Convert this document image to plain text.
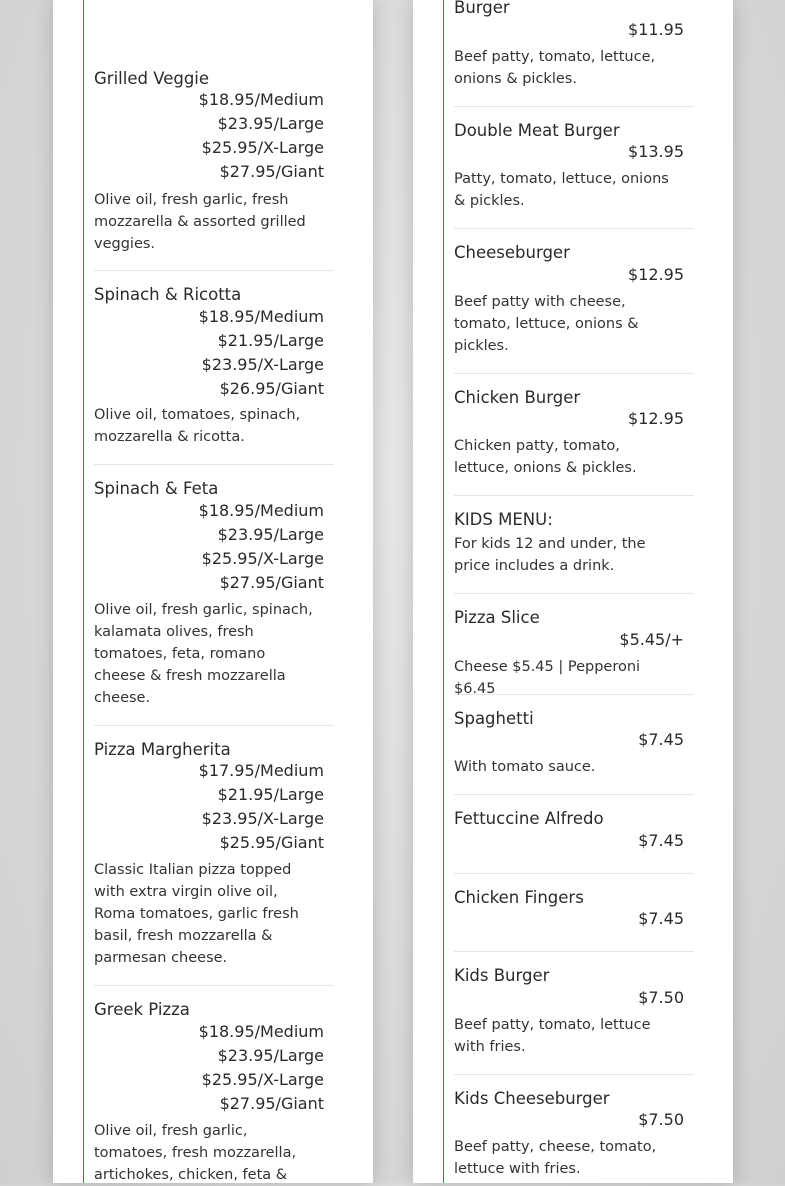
Grilled Veggie
$18.95/Medium
$23.95/Large
$25.95/X-Large
$27.95/Giant
Olive oil, fresh garlic, fresh mozzarella & assorted grilled veggies.
Spinach & Ricotta
$18.95/Medium
$21.95/Large
$23.95/X-Large
$26.95/Giant
Olive oil, tomatoes, spinach, mozzarella & ricotta.
Spinach & Feta
$18.95/Medium
$23.95/Large
$25.95/X-Large
$27.95/Giant
Olive oil, fresh garlic, spinach, kalamata olives, fresh tomatoes, feta, romano cheese & fresh mozzarella cheese.
Pizza Margherita
$17.95/Medium
$21.95/Large
$23.95/X-Large
$25.95/Giant
Classic Italian pizza topped with extra virgin olive oil, Roma tomatoes, garlic fresh basil, fresh mozzarella & parmesan cheese.
Greek Pizza
$18.95/Medium
$23.95/Large
$25.95/X-Large
$27.95/Giant
Olive oil, fresh garlic, tomatoes, fresh mozzarella, artichokes, chicken, feta &
Burger
$11.95
Beef patty, tomato, lettuce, onions & pickles.
Double Meat Burger
$13.95
Patty, tomato, lettuce, onions & pickles.
Cheeseburger
$12.95
Beef patty with cheese, tomato, lettuce, onions & pickles.
Chicken Burger
$12.95
Chicken patty, tomato, lettuce, onions & pickles.
KIDS MENU:
For kids 12 and under, the price includes a drink.
Pizza Slice
$5.45/+
Cheese $5.45 | Pepperoni $6.45
Spaghetti
$7.45
With tomato sauce.
Fettuccine Alfredo
$7.45
Chicken Fingers
$7.45
Kids Burger
$7.50
Beef patty, tomato, lettuce with fries.
Kids Cheeseburger
$7.50
Beef patty, cheese, tomato, lettuce with fries.
